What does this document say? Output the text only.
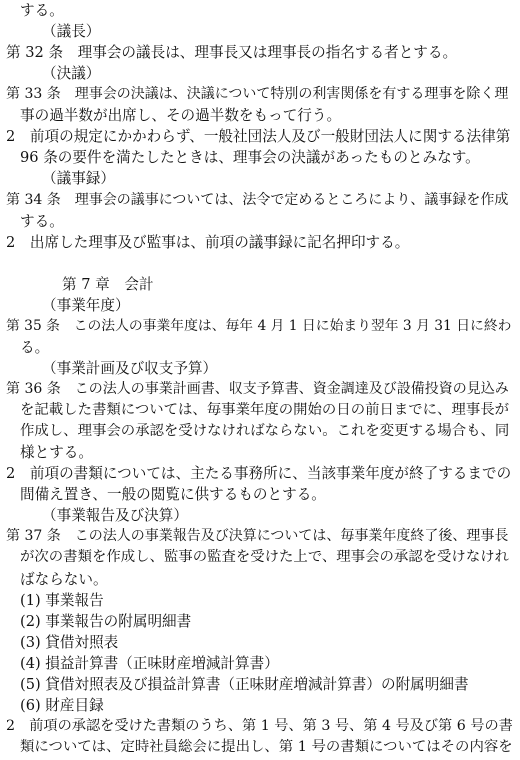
する。
（議長）
第 32 条　理事会の議長は、理事長又は理事長の指名する者とする。
（決議）
第 33 条　理事会の決議は、決議について特別の利害関係を有する理事を除く理
事の過半数が出席し、その過半数をもって行う。
2　前項の規定にかかわらず、一般社団法人及び一般財団法人に関する法律第
96 条の要件を満たしたときは、理事会の決議があったものとみなす。
（議事録）
第 34 条　理事会の議事については、法令で定めるところにより、議事録を作成
する。
2　出席した理事及び監事は、前項の議事録に記名押印する。
第 7 章　会計
（事業年度）
第 35 条　この法人の事業年度は、毎年 4 月 1 日に始まり翌年 3 月 31 日に終わ
る。
（事業計画及び収支予算）
第 36 条　この法人の事業計画書、収支予算書、資金調達及び設備投資の見込み
を記載した書類については、毎事業年度の開始の日の前日までに、理事長が
作成し、理事会の承認を受けなければならない。これを変更する場合も、同
様とする。
2　前項の書類については、主たる事務所に、当該事業年度が終了するまでの
間備え置き、一般の閲覧に供するものとする。
（事業報告及び決算）
第 37 条　この法人の事業報告及び決算については、毎事業年度終了後、理事長
が次の書類を作成し、監事の監査を受けた上で、理事会の承認を受けなけれ
ばならない。
(1) 事業報告
(2) 事業報告の附属明細書
(3) 貸借対照表
(4) 損益計算書（正味財産増減計算書）
(5) 貸借対照表及び損益計算書（正味財産増減計算書）の附属明細書
(6) 財産目録
2　前項の承認を受けた書類のうち、第 1 号、第 3 号、第 4 号及び第 6 号の書
類については、定時社員総会に提出し、第 1 号の書類についてはその内容を
